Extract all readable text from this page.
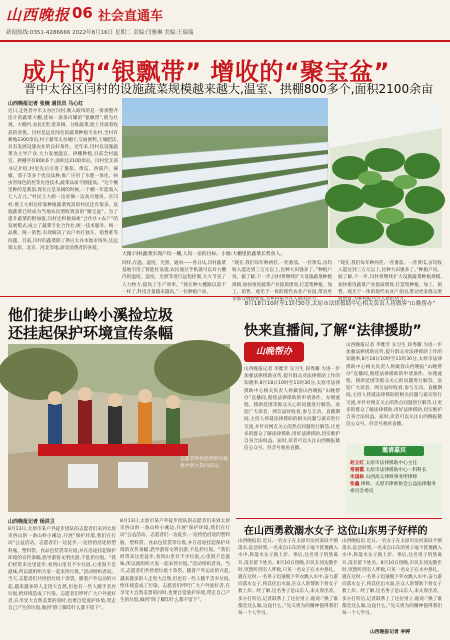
山西晚报 06 社会直通车
新闻热线:0351-4286666 2022年8月16日 星期二 责编:闫雅琳 美编:王瑞瑞
成片的“银飘带” 增收的“聚宝盆”
晋中太谷区闫村的设施蔬菜规模越来越大,温室、拱棚800多个,面积2100余亩
山西晚报记者 张楠 通讯员 马心红
近日,走进晋中市太谷区闫村,映入眼帘的是一排排整齐连片的蔬菜大棚,犹如一条条闪耀的“银飘带”,蔚为壮观。大棚内,农民们忙着采摘、分拣蔬菜,脸上洋溢着收获的喜悦。闫村是远近闻名的蔬菜种植专业村,全村有耕地2300余亩,村子紧邻太谷城区,交通便利,土壤肥沃,具有发展设施农业的良好条件。近年来,闫村以设施蔬菜为主导产业,大力发展温室、拱棚种植,目前全村温室、拱棚共有800多个,面积达2100余亩。闫村党支部书记介绍,村里先后引进了番茄、黄瓜、西葫芦、辣椒、茄子等多个优良品种,推广应用了水肥一体化、病虫害绿色防控等先进技术,蔬菜品质不断提高。“这个棚里种的是番茄,现在正是采摘的时候,一个棚一年能收入七八万元。”村民王大姐一边采摘一边高兴地说。在闫村,像王大姐这样靠种植蔬菜致富的村民还有很多。设施蔬菜已经成为当地农民增收致富的“聚宝盆”。为了提升蔬菜的附加值,闫村还积极探索“合作社+农户”的发展模式,成立了蔬菜专业合作社,统一技术服务、统一品牌、统一销售,有效解决了农户单打独斗、销售难等问题。目前,闫村的蔬菜除了供应太谷本地市场外,还远销太原、北京、河北等地,深受消费者的喜爱。
大图:闫村蔬菜实现户均一棚,人均一亩的目标。小图:大棚里的蔬菜长势喜人。
同样,在温、湿度、光照、通风——各日从,闫村蔬菜基地引进了智能化设施,农民通过手机就可以对大棚内的温度、湿度、光照等进行远程控制,大大节省了人力物力,提高了生产效率。“现在种大棚跟以前不一样了,科技含量越来越高。”一位种植户说。
“现在,我们每年种两茬,一茬番茄、一茬黄瓜,亩均收入能达到三万元以上,比种大田强多了。”种植户说。据了解,下一步,闫村将继续扩大设施蔬菜种植规模,加快推进蔬菜产业提质增效,打造集种植、加工、销售、观光于一体的现代农业产业园,带动更多群众增收致富,为乡村振兴注入新的活力。
“现在,我们每年种两茬,一茬番茄、一茬黄瓜,亩均收入能达到三万元以上,比种大田强多了。”种植户说。据了解,下一步,闫村将继续扩大设施蔬菜种植规模,加快推进蔬菜产业提质增效,打造集种植、加工、销售、观光于一体的现代农业产业园,带动更多群众增收致富,为乡村振兴注入新的活力。
他们徒步山岭小溪捡垃圾
还挂起保护环境宣传条幅
志愿者将捡拾到的垃圾集中到大袋内清运。
山西晚报记者 杨洪卫
8月13日,太原市某户外徒步团队的志愿者们来到太原市西山的一条山岭小溪边,开展“保护环境,我们在行动”公益活动。志愿者们一边徒步,一边捡拾沿途的塑料瓶、塑料袋、食品包装袋等垃圾,并在沿途挂起保护环境的宣传条幅,倡导游客文明出游,不乱扔垃圾。“我们经常来这里徒步,看到山里有不少垃圾,心里很不是滋味,所以就组织大家一起来捡垃圾。”活动组织者说。当天,志愿者们共捡拾垃圾十余袋。随着户外运动的兴起,越来越多的人走进大自然,但也有一些人随手丢弃垃圾,给环境造成了污染。志愿者们呼吁广大户外爱好者,在享受大自然美景的同时,也要自觉爱护环境,带走自己产生的垃圾,做到“除了脚印什么都不留下”。
8月13日,太原市某户外徒步团队的志愿者们来到太原市西山的一条山岭小溪边,开展“保护环境,我们在行动”公益活动。志愿者们一边徒步,一边捡拾沿途的塑料瓶、塑料袋、食品包装袋等垃圾,并在沿途挂起保护环境的宣传条幅,倡导游客文明出游,不乱扔垃圾。“我们经常来这里徒步,看到山里有不少垃圾,心里很不是滋味,所以就组织大家一起来捡垃圾。”活动组织者说。当天,志愿者们共捡拾垃圾十余袋。随着户外运动的兴起,越来越多的人走进大自然,但也有一些人随手丢弃垃圾,给环境造成了污染。志愿者们呼吁广大户外爱好者,在享受大自然美景的同时,也要自觉爱护环境,带走自己产生的垃圾,做到“除了脚印什么都不留下”。
8月18日10时至11时30分,太原市法律援助中心相关负责人将做客“山晚帮办”
快来直播间,了解“法律援助”
山晚帮办
山西晚报记者 李雅芳 实习生 段秀璐 为进一步加强法律援助宣传,提升群众对法律援助工作的知晓率,8月18日10时至11时30分,太原市法律援助中心相关负责人将做客山西晚报“山晚帮办”直播间,围绕法律援助的申请条件、办理流程、援助范围等群众关心的问题进行解答。欢迎广大读者、网友届时收看,参与互动。直播期间,主持人将就法律援助的相关问题与嘉宾进行交流,并针对网友关心的热点问题进行解答,让更多的群众了解法律援助,用好法律援助,切实维护自身合法权益。届时,读者可以关注山西晚报微信公众号、抖音号观看直播。
山西晚报记者 李雅芳 实习生 段秀璐 为进一步加强法律援助宣传,提升群众对法律援助工作的知晓率,8月18日10时至11时30分,太原市法律援助中心相关负责人将做客山西晚报“山晚帮办”直播间,围绕法律援助的申请条件、办理流程、援助范围等群众关心的问题进行解答。欢迎广大读者、网友届时收看,参与互动。直播期间,主持人将就法律援助的相关问题与嘉宾进行交流,并针对网友关心的热点问题进行解答,让更多的群众了解法律援助,用好法律援助,切实维护自身合法权益。届时,读者可以关注山西晚报微信公众号、抖音号观看直播。
邀请嘉宾
赵立红 太原市法律援助中心主任
常丽霞 太原市法律援助中心一科科长
米国栋 山西高义律师事务所律师
张鑫 律师、太原市律师协会公益法律服务委员会委员
在山西勇救溺水女子 这位山东男子好样的
山西晚报讯 近日,一名女子在太原市汾河某段不慎落水,危急时刻,一名来自山东的男子毫不犹豫跳入水中,将落水女子救上岸。事后,这名男子悄然离开,没有留下姓名。8月10日傍晚,市民在河边散步时,突然听到有人呼救,只见一名女子在水中挣扎。就在这时,一名男子迅速脱下外衣跳入水中,奋力游向落水女子,将其托出水面,在众人的帮助下将女子救上岸。经了解,这名男子是山东人,来太原出差。多方打听后,记者联系上了这位男子,他说:“换了谁都会这么做,这没什么。”见义勇为的精神值得我们每一个人学习。
山西晚报讯 近日,一名女子在太原市汾河某段不慎落水,危急时刻,一名来自山东的男子毫不犹豫跳入水中,将落水女子救上岸。事后,这名男子悄然离开,没有留下姓名。8月10日傍晚,市民在河边散步时,突然听到有人呼救,只见一名女子在水中挣扎。就在这时,一名男子迅速脱下外衣跳入水中,奋力游向落水女子,将其托出水面,在众人的帮助下将女子救上岸。经了解,这名男子是山东人,来太原出差。多方打听后,记者联系上了这位男子,他说:“换了谁都会这么做,这没什么。”见义勇为的精神值得我们每一个人学习。
山西晚报记者 李婷
